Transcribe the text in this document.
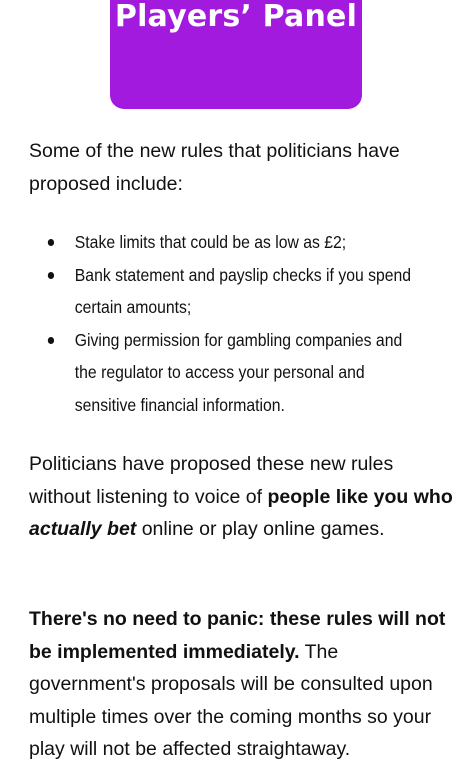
Players’ Panel

Some of the new rules that politicians have proposed include:

Stake limits that could be as low as £2;
Bank statement and payslip checks if you spend certain amounts;
Giving permission for gambling companies and the regulator to access your personal and sensitive financial information.

Politicians have proposed these new rules without listening to voice of people like you who actually bet online or play online games.

There's no need to panic: these rules will not be implemented immediately. The government's proposals will be consulted upon multiple times over the coming months so your play will not be affected straightaway.
